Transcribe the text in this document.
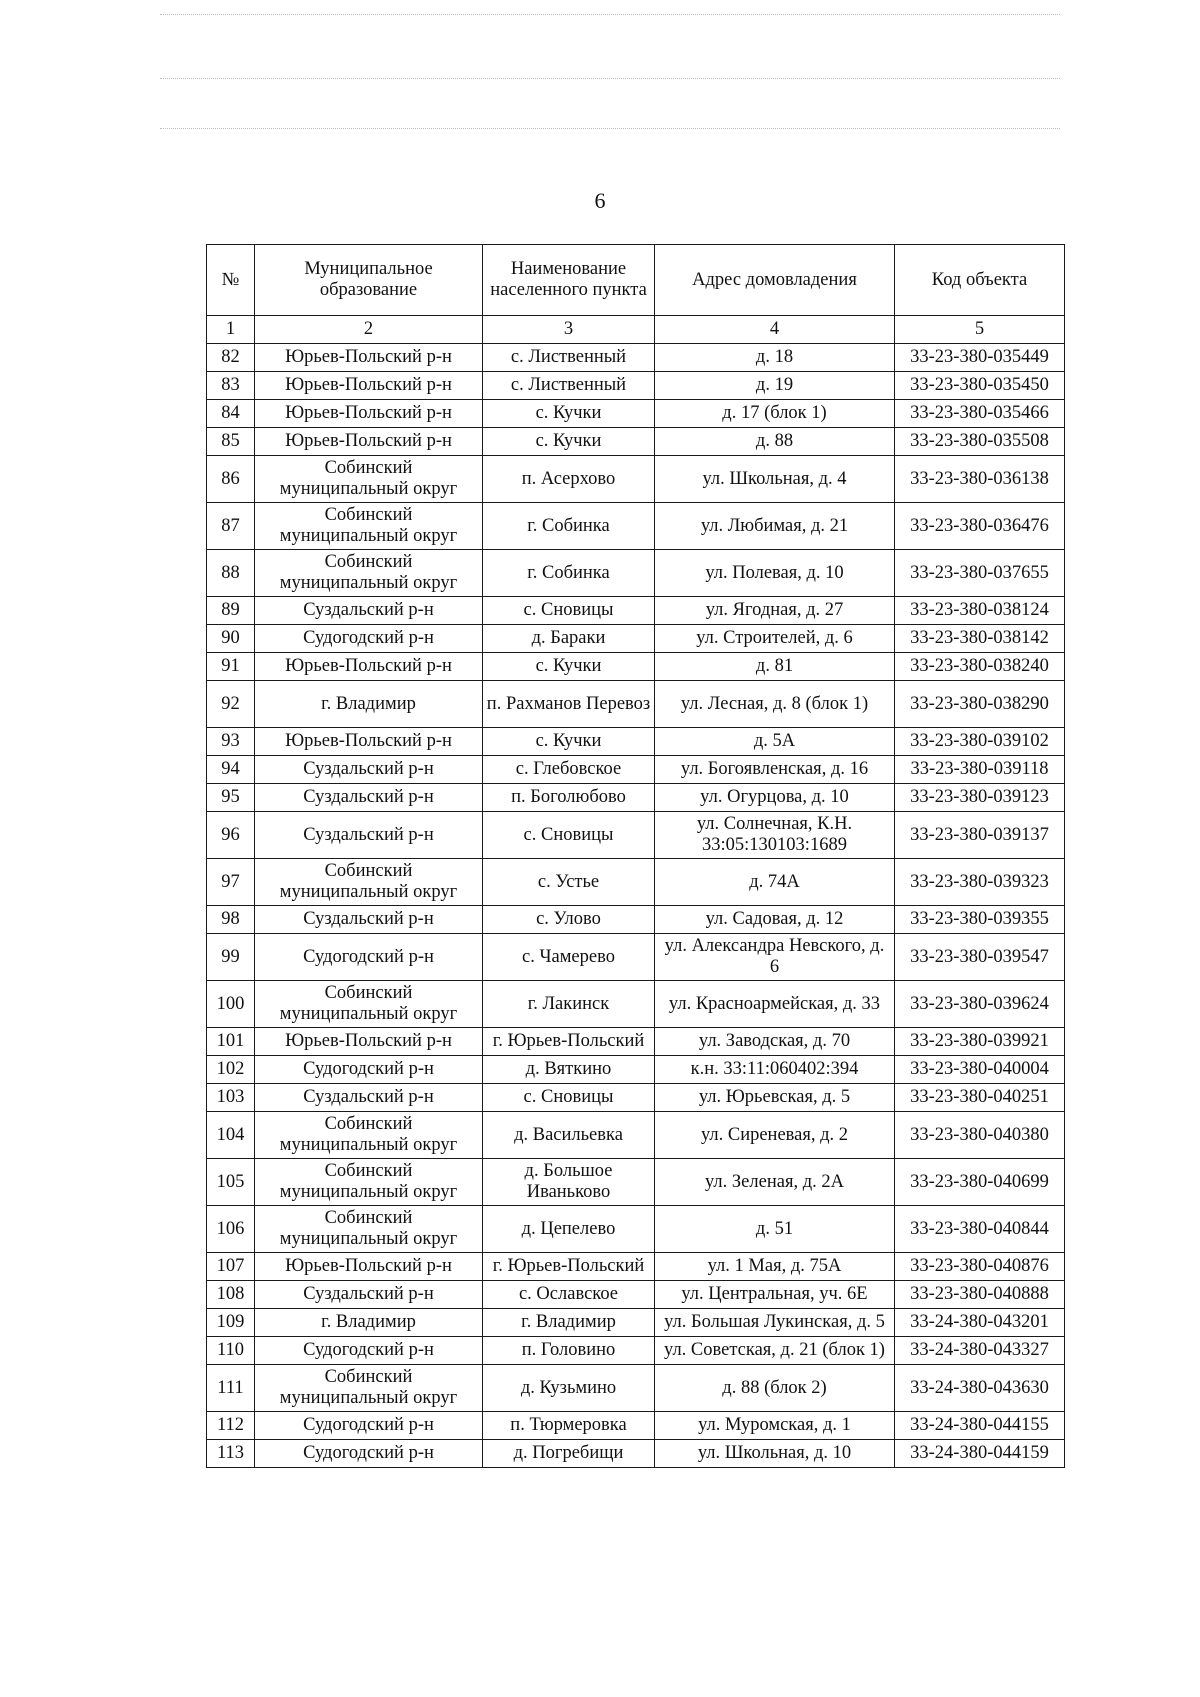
6
№	Муниципальное образование	Наименование населенного пункта	Адрес домовладения	Код объекта
1	2	3	4	5
82	Юрьев-Польский р-н	с. Лиственный	д. 18	33-23-380-035449
83	Юрьев-Польский р-н	с. Лиственный	д. 19	33-23-380-035450
84	Юрьев-Польский р-н	с. Кучки	д. 17 (блок 1)	33-23-380-035466
85	Юрьев-Польский р-н	с. Кучки	д. 88	33-23-380-035508
86	Собинский муниципальный округ	п. Асерхово	ул. Школьная, д. 4	33-23-380-036138
87	Собинский муниципальный округ	г. Собинка	ул. Любимая, д. 21	33-23-380-036476
88	Собинский муниципальный округ	г. Собинка	ул. Полевая, д. 10	33-23-380-037655
89	Суздальский р-н	с. Сновицы	ул. Ягодная, д. 27	33-23-380-038124
90	Судогодский р-н	д. Бараки	ул. Строителей, д. 6	33-23-380-038142
91	Юрьев-Польский р-н	с. Кучки	д. 81	33-23-380-038240
92	г. Владимир	п. Рахманов Перевоз	ул. Лесная, д. 8 (блок 1)	33-23-380-038290
93	Юрьев-Польский р-н	с. Кучки	д. 5А	33-23-380-039102
94	Суздальский р-н	с. Глебовское	ул. Богоявленская, д. 16	33-23-380-039118
95	Суздальский р-н	п. Боголюбово	ул. Огурцова, д. 10	33-23-380-039123
96	Суздальский р-н	с. Сновицы	ул. Солнечная, К.Н. 33:05:130103:1689	33-23-380-039137
97	Собинский муниципальный округ	с. Устье	д. 74А	33-23-380-039323
98	Суздальский р-н	с. Улово	ул. Садовая, д. 12	33-23-380-039355
99	Судогодский р-н	с. Чамерево	ул. Александра Невского, д. 6	33-23-380-039547
100	Собинский муниципальный округ	г. Лакинск	ул. Красноармейская, д. 33	33-23-380-039624
101	Юрьев-Польский р-н	г. Юрьев-Польский	ул. Заводская, д. 70	33-23-380-039921
102	Судогодский р-н	д. Вяткино	к.н. 33:11:060402:394	33-23-380-040004
103	Суздальский р-н	с. Сновицы	ул. Юрьевская, д. 5	33-23-380-040251
104	Собинский муниципальный округ	д. Васильевка	ул. Сиреневая, д. 2	33-23-380-040380
105	Собинский муниципальный округ	д. Большое Иваньково	ул. Зеленая, д. 2А	33-23-380-040699
106	Собинский муниципальный округ	д. Цепелево	д. 51	33-23-380-040844
107	Юрьев-Польский р-н	г. Юрьев-Польский	ул. 1 Мая, д. 75А	33-23-380-040876
108	Суздальский р-н	с. Ославское	ул. Центральная, уч. 6Е	33-23-380-040888
109	г. Владимир	г. Владимир	ул. Большая Лукинская, д. 5	33-24-380-043201
110	Судогодский р-н	п. Головино	ул. Советская, д. 21 (блок 1)	33-24-380-043327
111	Собинский муниципальный округ	д. Кузьмино	д. 88 (блок 2)	33-24-380-043630
112	Судогодский р-н	п. Тюрмеровка	ул. Муромская, д. 1	33-24-380-044155
113	Судогодский р-н	д. Погребищи	ул. Школьная, д. 10	33-24-380-044159
